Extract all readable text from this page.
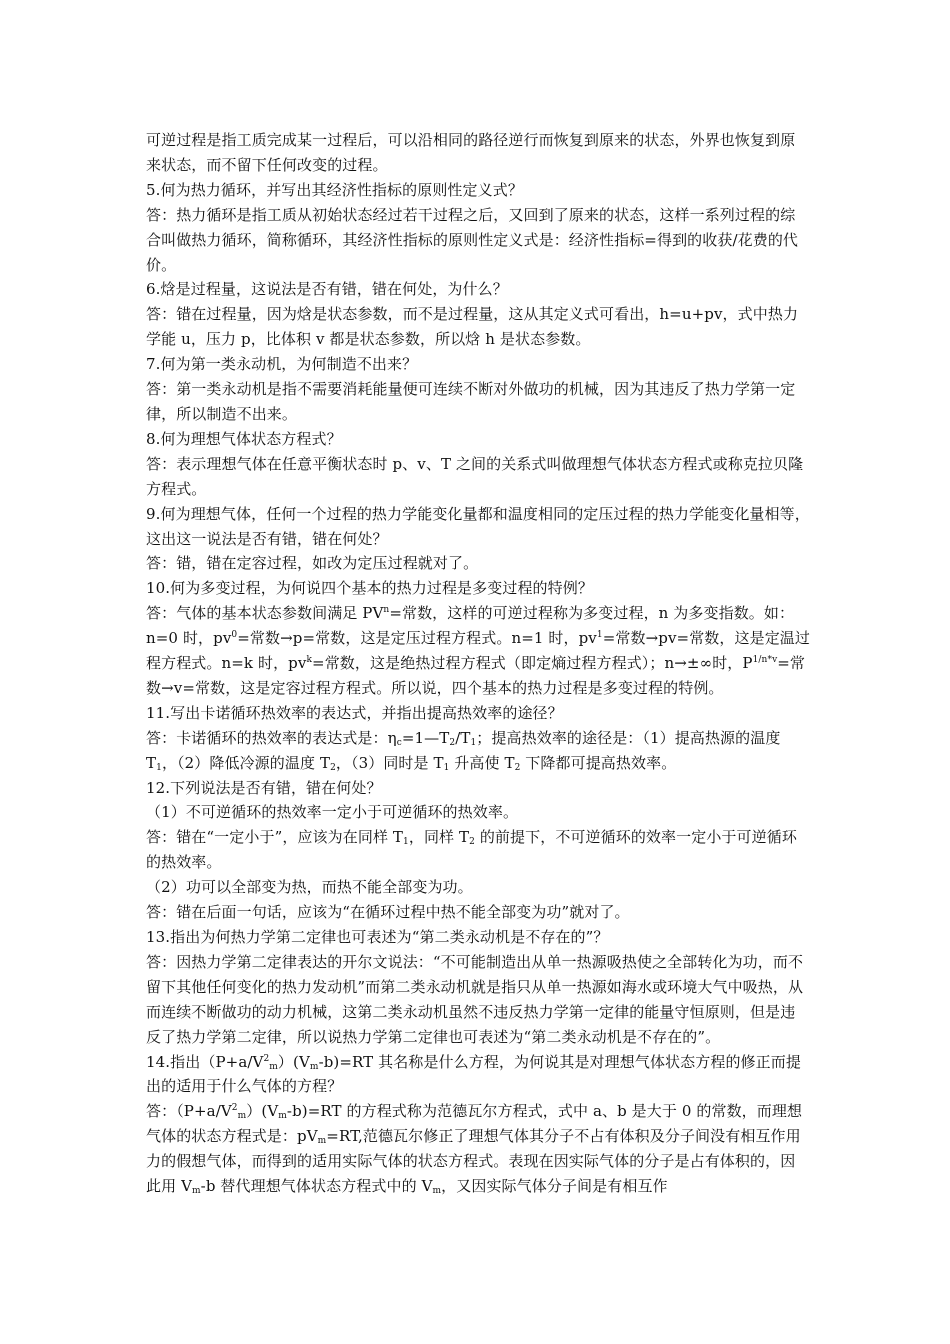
可逆过程是指工质完成某一过程后，可以沿相同的路径逆行而恢复到原来的状态，外界也恢复到原来状态，而不留下任何改变的过程。

5.何为热力循环，并写出其经济性指标的原则性定义式？

答：热力循环是指工质从初始状态经过若干过程之后，又回到了原来的状态，这样一系列过程的综合叫做热力循环，简称循环，其经济性指标的原则性定义式是：经济性指标=得到的收获/花费的代价。

6.焓是过程量，这说法是否有错，错在何处，为什么？

答：错在过程量，因为焓是状态参数，而不是过程量，这从其定义式可看出，h=u+pv，式中热力学能 u，压力 p，比体积 v 都是状态参数，所以焓 h 是状态参数。

7.何为第一类永动机，为何制造不出来？

答：第一类永动机是指不需要消耗能量便可连续不断对外做功的机械，因为其违反了热力学第一定律，所以制造不出来。

8.何为理想气体状态方程式？

答：表示理想气体在任意平衡状态时 p、v、T 之间的关系式叫做理想气体状态方程式或称克拉贝隆方程式。

9.何为理想气体，任何一个过程的热力学能变化量都和温度相同的定压过程的热力学能变化量相等，这出这一说法是否有错，错在何处？

答：错，错在定容过程，如改为定压过程就对了。

10.何为多变过程，为何说四个基本的热力过程是多变过程的特例？

答：气体的基本状态参数间满足 $PV^n=$常数，这样的可逆过程称为多变过程，n 为多变指数。如：n=0 时，$pv^0=$常数→p=常数，这是定压过程方程式。n=1 时，$pv^1=$常数→pv=常数，这是定温过程方程式。n=k 时，$pv^k=$常数，这是绝热过程方程式（即定熵过程方程式）；n→±∞时，$P^{1/n*v}=$常数→v=常数，这是定容过程方程式。所以说，四个基本的热力过程是多变过程的特例。

11.写出卡诺循环热效率的表达式，并指出提高热效率的途径？

答：卡诺循环的热效率的表达式是：$\eta_c=1—T_2/T_1$；提高热效率的途径是：（1）提高热源的温度 $T_1$，（2）降低冷源的温度 $T_2$，（3）同时是 $T_1$ 升高使 $T_2$ 下降都可提高热效率。

12.下列说法是否有错，错在何处？

（1）不可逆循环的热效率一定小于可逆循环的热效率。

答：错在“一定小于”，应该为在同样 $T_1$，同样 $T_2$ 的前提下，不可逆循环的效率一定小于可逆循环的热效率。

（2）功可以全部变为热，而热不能全部变为功。

答：错在后面一句话，应该为“在循环过程中热不能全部变为功”就对了。

13.指出为何热力学第二定律也可表述为“第二类永动机是不存在的”？

答：因热力学第二定律表达的开尔文说法：“不可能制造出从单一热源吸热使之全部转化为功，而不留下其他任何变化的热力发动机”而第二类永动机就是指只从单一热源如海水或环境大气中吸热，从而连续不断做功的动力机械，这第二类永动机虽然不违反热力学第一定律的能量守恒原则，但是违反了热力学第二定律，所以说热力学第二定律也可表述为“第二类永动机是不存在的”。

14.指出$(P+a/V^2_m)(V_m-b)=RT$ 其名称是什么方程，为何说其是对理想气体状态方程的修正而提出的适用于什么气体的方程？

答：$(P+a/V^2_m)(V_m-b)=RT$ 的方程式称为范德瓦尔方程式，式中 a、b 是大于 0 的常数，而理想气体的状态方程式是：$pV_m=RT$,范德瓦尔修正了理想气体其分子不占有体积及分子间没有相互作用力的假想气体，而得到的适用实际气体的状态方程式。表现在因实际气体的分子是占有体积的，因此用 $V_m-b$ 替代理想气体状态方程式中的 $V_m$，又因实际气体分子间是有相互作
